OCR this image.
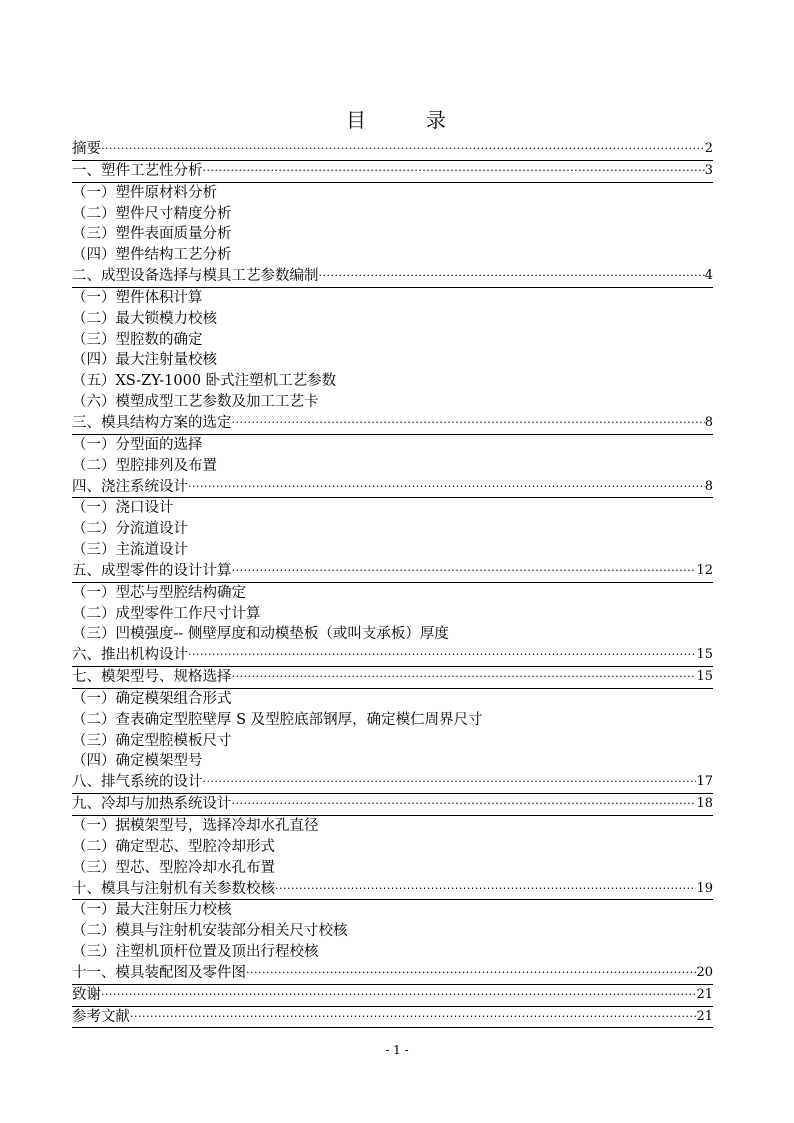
目	录
摘要 ·····	2
一、塑件工艺性分析 ·····	3
（一）塑件原材料分析
（二）塑件尺寸精度分析
（三）塑件表面质量分析
（四）塑件结构工艺分析
二、成型设备选择与模具工艺参数编制 ·····	4
（一）塑件体积计算
（二）最大锁模力校核
（三）型腔数的确定
（四）最大注射量校核
（五）XS-ZY-1000 卧式注塑机工艺参数
（六）模塑成型工艺参数及加工工艺卡
三、模具结构方案的选定 ·····	8
（一）分型面的选择
（二）型腔排列及布置
四、浇注系统设计 ·····	8
（一）浇口设计
（二）分流道设计
（三）主流道设计
五、成型零件的设计计算 ·····	12
（一）型芯与型腔结构确定
（二）成型零件工作尺寸计算
（三）凹模强度-- 侧壁厚度和动模垫板（或叫支承板）厚度
六、推出机构设计 ·····	15
七、模架型号、规格选择 ·····	15
（一）确定模架组合形式
（二）查表确定型腔壁厚 S 及型腔底部钢厚，确定模仁周界尺寸
（三）确定型腔模板尺寸
（四）确定模架型号
八、排气系统的设计 ·····	17
九、冷却与加热系统设计 ·····	18
（一）据模架型号，选择冷却水孔直径
（二）确定型芯、型腔冷却形式
（三）型芯、型腔冷却水孔布置
十、模具与注射机有关参数校核 ·····	19
（一）最大注射压力校核
（二）模具与注射机安装部分相关尺寸校核
（三）注塑机顶杆位置及顶出行程校核
十一、模具装配图及零件图 ·····	20
致谢 ·····	21
参考文献 ·····	21
- 1 -
